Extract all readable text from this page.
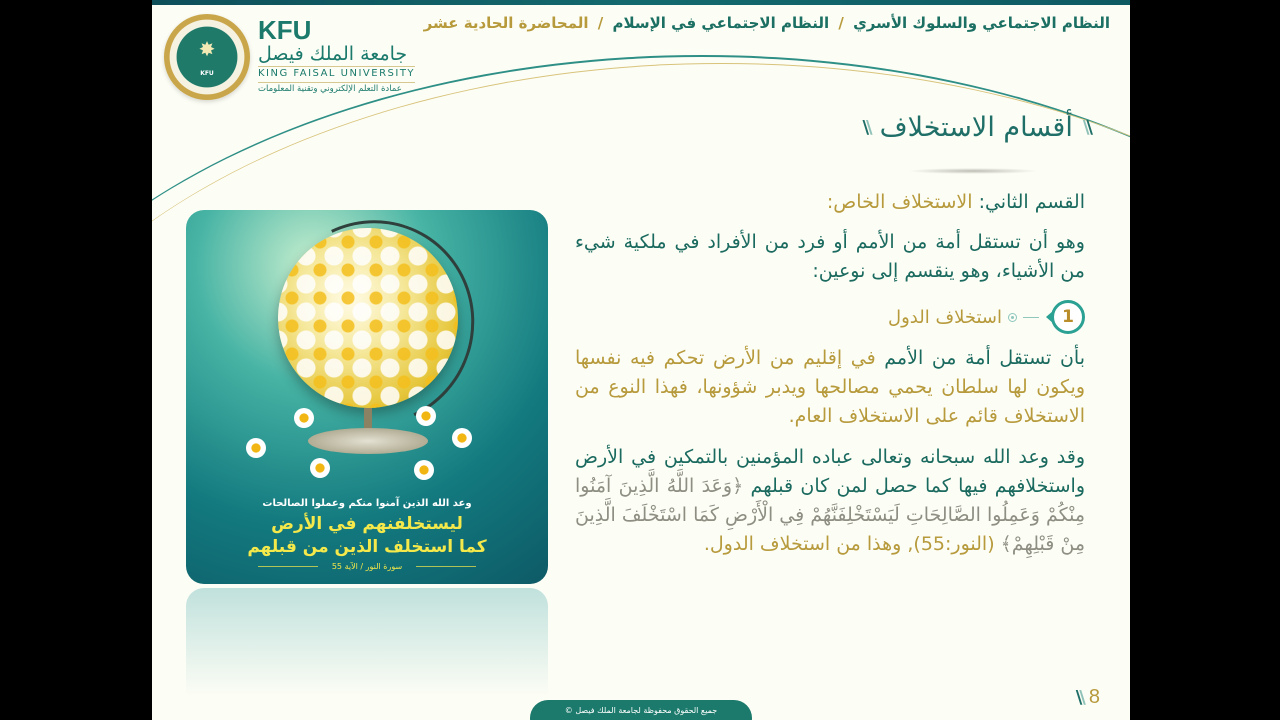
✸
KFU
KFU
جامعة الملك فيصل
KING FAISAL UNIVERSITY
عمادة التعلم الإلكتروني وتقنية المعلومات
النظام الاجتماعي والسلوك الأسري / النظام الاجتماعي في الإسلام / المحاضرة الحادية عشر
\\
أقسام الاستخلاف
\\

القسم الثاني: الاستخلاف الخاص:

وهو أن تستقل أمة من الأمم أو فرد من الأفراد في ملكية شيء من الأشياء، وهو ينقسم إلى نوعين:

1
استخلاف الدول

بأن تستقل أمة من الأمم في إقليم من الأرض تحكم فيه نفسها ويكون لها سلطان يحمي مصالحها ويدبر شؤونها، فهذا النوع من الاستخلاف قائم على الاستخلاف العام.

وقد وعد الله سبحانه وتعالى عباده المؤمنين بالتمكين في الأرض واستخلافهم فيها كما حصل لمن كان قبلهم ﴿وَعَدَ اللَّهُ الَّذِينَ آمَنُوا مِنْكُمْ وَعَمِلُوا الصَّالِحَاتِ لَيَسْتَخْلِفَنَّهُمْ فِي الْأَرْضِ كَمَا اسْتَخْلَفَ الَّذِينَ مِنْ قَبْلِهِمْ﴾ (النور:55), وهذا من استخلاف الدول.

وعد الله الذين آمنوا منكم وعملوا الصالحات
ليستخلفنهم في الأرض
كما استخلف الذين من قبلهم
سورة النور / الآية 55
جميع الحقوق محفوظة لجامعة الملك فيصل ©
\\ 8
